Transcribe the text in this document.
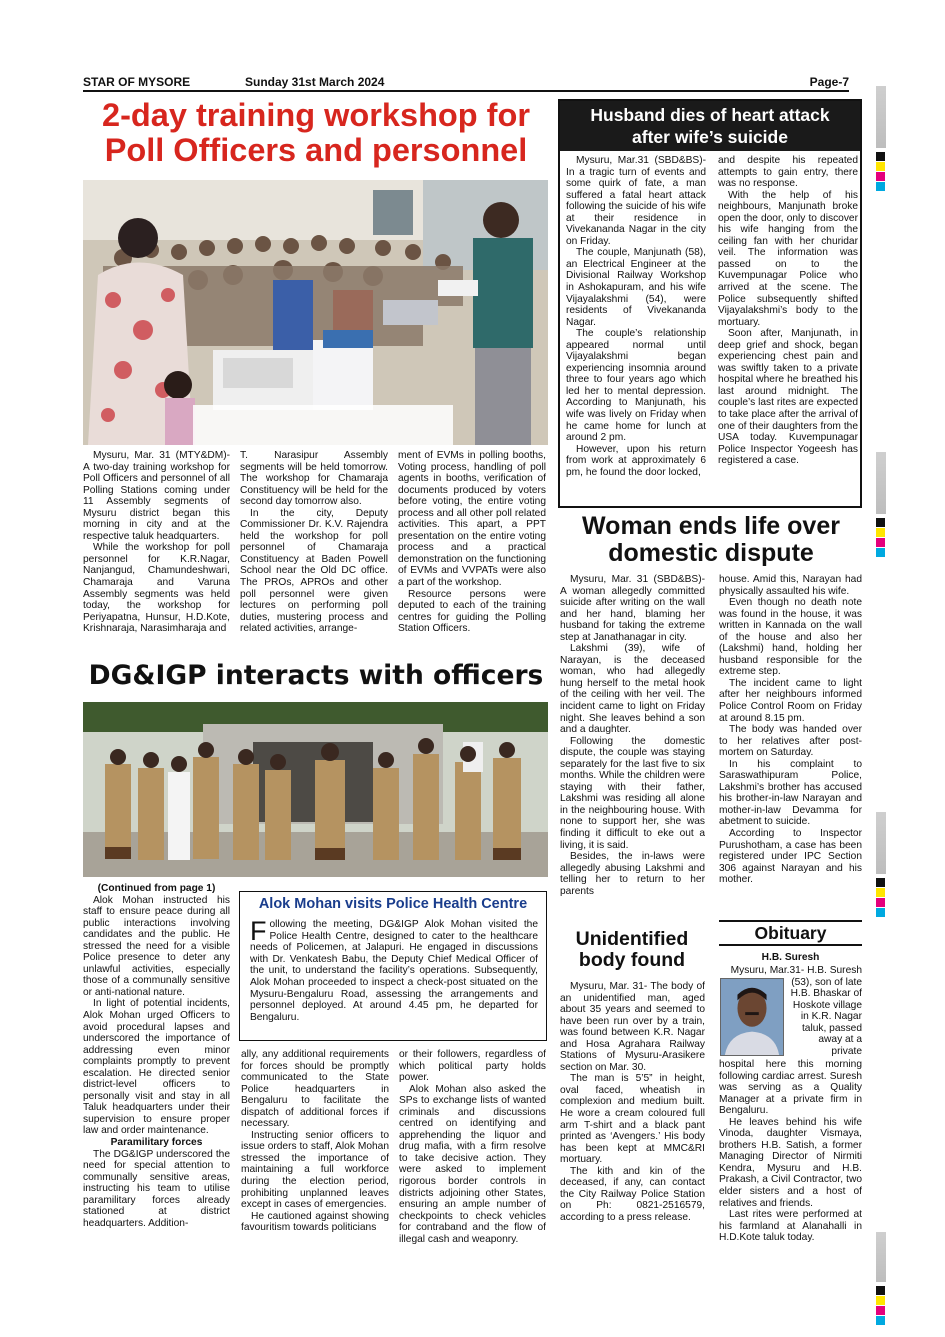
STAR OF MYSORE	Sunday 31st March 2024	Page-7
2-day training workshop for
Poll Officers and personnel

Mysuru, Mar. 31 (MTY&DM)- A two-day training workshop for Poll Officers and personnel of all Polling Stations coming under 11 Assembly segments of Mysuru district began this morning in city and at the respective taluk headquarters.

While the workshop for poll personnel for K.R.Nagar, Nanjangud, Chamundeshwari, Chamaraja and Varuna Assembly segments was held today, the workshop for Periyapatna, Hunsur, H.D.Kote, Krishnaraja, Narasimharaja and

T. Narasipur Assembly segments will be held tomorrow. The workshop for Chamaraja Constituency will be held for the second day tomorrow also.

In the city, Deputy Commissioner Dr. K.V. Rajendra held the workshop for poll personnel of Chamaraja Constituency at Baden Powell School near the Old DC office. The PROs, APROs and other poll personnel were given lectures on performing poll duties, mustering process and related activities, arrange-

ment of EVMs in polling booths, Voting process, handling of poll agents in booths, verification of documents produced by voters before voting, the entire voting process and all other poll related activities. This apart, a PPT presentation on the entire voting process and a practical demonstration on the functioning of EVMs and VVPATs were also a part of the workshop.

Resource persons were deputed to each of the training centres for guiding the Polling Station Officers.

Husband dies of heart attack
after wife’s suicide

Mysuru, Mar.31 (SBD&BS)- In a tragic turn of events and some quirk of fate, a man suffered a fatal heart attack following the suicide of his wife at their residence in Vivekananda Nagar in the city on Friday.

The couple, Manjunath (58), an Electrical Engineer at the Divisional Railway Workshop in Ashokapuram, and his wife Vijayalakshmi (54), were residents of Vivekananda Nagar.

The couple’s relationship appeared normal until Vijayalakshmi began experiencing insomnia around three to four years ago which led her to mental depression. According to Manjunath, his wife was lively on Friday when he came home for lunch at around 2 pm.

However, upon his return from work at approximately 6 pm, he found the door locked,

and despite his repeated attempts to gain entry, there was no response.

With the help of his neighbours, Manjunath broke open the door, only to discover his wife hanging from the ceiling fan with her churidar veil. The information was passed on to the Kuvempunagar Police who arrived at the scene. The Police subsequently shifted Vijayalakshmi’s body to the mortuary.

Soon after, Manjunath, in deep grief and shock, began experiencing chest pain and was swiftly taken to a private hospital where he breathed his last around midnight. The couple’s last rites are expected to take place after the arrival of one of their daughters from the USA today. Kuvempunagar Police Inspector Yogeesh has registered a case.

Woman ends life over
domestic dispute

Mysuru, Mar. 31 (SBD&BS)- A woman allegedly committed suicide after writing on the wall and her hand, blaming her husband for taking the extreme step at Janathanagar in city.

Lakshmi (39), wife of Narayan, is the deceased woman, who had allegedly hung herself to the metal hook of the ceiling with her veil. The incident came to light on Friday night. She leaves behind a son and a daughter.

Following the domestic dispute, the couple was staying separately for the last five to six months. While the children were staying with their father, Lakshmi was residing all alone in the neighbouring house. With none to support her, she was finding it difficult to eke out a living, it is said.

Besides, the in-laws were allegedly abusing Lakshmi and telling her to return to her parents

house. Amid this, Narayan had physically assaulted his wife.

Even though no death note was found in the house, it was written in Kannada on the wall of the house and also her (Lakshmi) hand, holding her husband responsible for the extreme step.

The incident came to light after her neighbours informed Police Control Room on Friday at around 8.15 pm.

The body was handed over to her relatives after post-mortem on Saturday.

In his complaint to Saraswathipuram Police, Lakshmi’s brother has accused his brother-in-law Narayan and mother-in-law Devamma for abetment to suicide.

According to Inspector Purushotham, a case has been registered under IPC Section 306 against Narayan and his mother.

DG&IGP interacts with officers

(Continued from page 1)

Alok Mohan instructed his staff to ensure peace during all public interactions involving candidates and the public. He stressed the need for a visible Police presence to deter any unlawful activities, especially those of a communally sensitive or anti-national nature.

In light of potential incidents, Alok Mohan urged Officers to avoid procedural lapses and underscored the importance of addressing even minor complaints promptly to prevent escalation. He directed senior district-level officers to personally visit and stay in all Taluk headquarters under their supervision to ensure proper law and order maintenance.

Paramilitary forces

The DG&IGP underscored the need for special attention to communally sensitive areas, instructing his team to utilise paramilitary forces already stationed at district headquarters. Addition-

Alok Mohan visits Police Health Centre
Following the meeting, DG&IGP Alok Mohan visited the Police Health Centre, designed to cater to the healthcare needs of Policemen, at Jalapuri. He engaged in discussions with Dr. Venkatesh Babu, the Deputy Chief Medical Officer of the unit, to understand the facility’s operations. Subsequently, Alok Mohan proceeded to inspect a check-post situated on the Mysuru-Bengaluru Road, assessing the arrangements and personnel deployed. At around 4.45 pm, he departed for Bengaluru.

ally, any additional requirements for forces should be promptly communicated to the State Police headquarters in Bengaluru to facilitate the dispatch of additional forces if necessary.

Instructing senior officers to issue orders to staff, Alok Mohan stressed the importance of maintaining a full workforce during the election period, prohibiting unplanned leaves except in cases of emergencies.

He cautioned against showing favouritism towards politicians

or their followers, regardless of which political party holds power.

Alok Mohan also asked the SPs to exchange lists of wanted criminals and discussions centred on identifying and apprehending the liquor and drug mafia, with a firm resolve to take decisive action. They were asked to implement rigorous border controls in districts adjoining other States, ensuring an ample number of checkpoints to check vehicles for contraband and the flow of illegal cash and weaponry.

Unidentified
body found

Mysuru, Mar. 31- The body of an unidentified man, aged about 35 years and seemed to have been run over by a train, was found between K.R. Nagar and Hosa Agrahara Railway Stations of Mysuru-Arasikere section on Mar. 30.

The man is 5’5” in height, oval faced, wheatish in complexion and medium built. He wore a cream coloured full arm T-shirt and a black pant printed as ‘Avengers.’ His body has been kept at MMC&RI mortuary.

The kith and kin of the deceased, if any, can contact the City Railway Police Station on Ph: 0821-2516579, according to a press release.

Obituary
H.B. Suresh
Mysuru, Mar.31- H.B. Suresh
(53), son of late
H.B. Bhaskar of
Hoskote village
in K.R. Nagar
taluk, passed
away at a private

hospital here this morning following cardiac arrest. Suresh was serving as a Quality Manager at a private firm in Bengaluru.

He leaves behind his wife Vinoda, daughter Vismaya, brothers H.B. Satish, a former Managing Director of Nirmiti Kendra, Mysuru and H.B. Prakash, a Civil Contractor, two elder sisters and a host of relatives and friends.

Last rites were performed at his farmland at Alanahalli in H.D.Kote taluk today.
